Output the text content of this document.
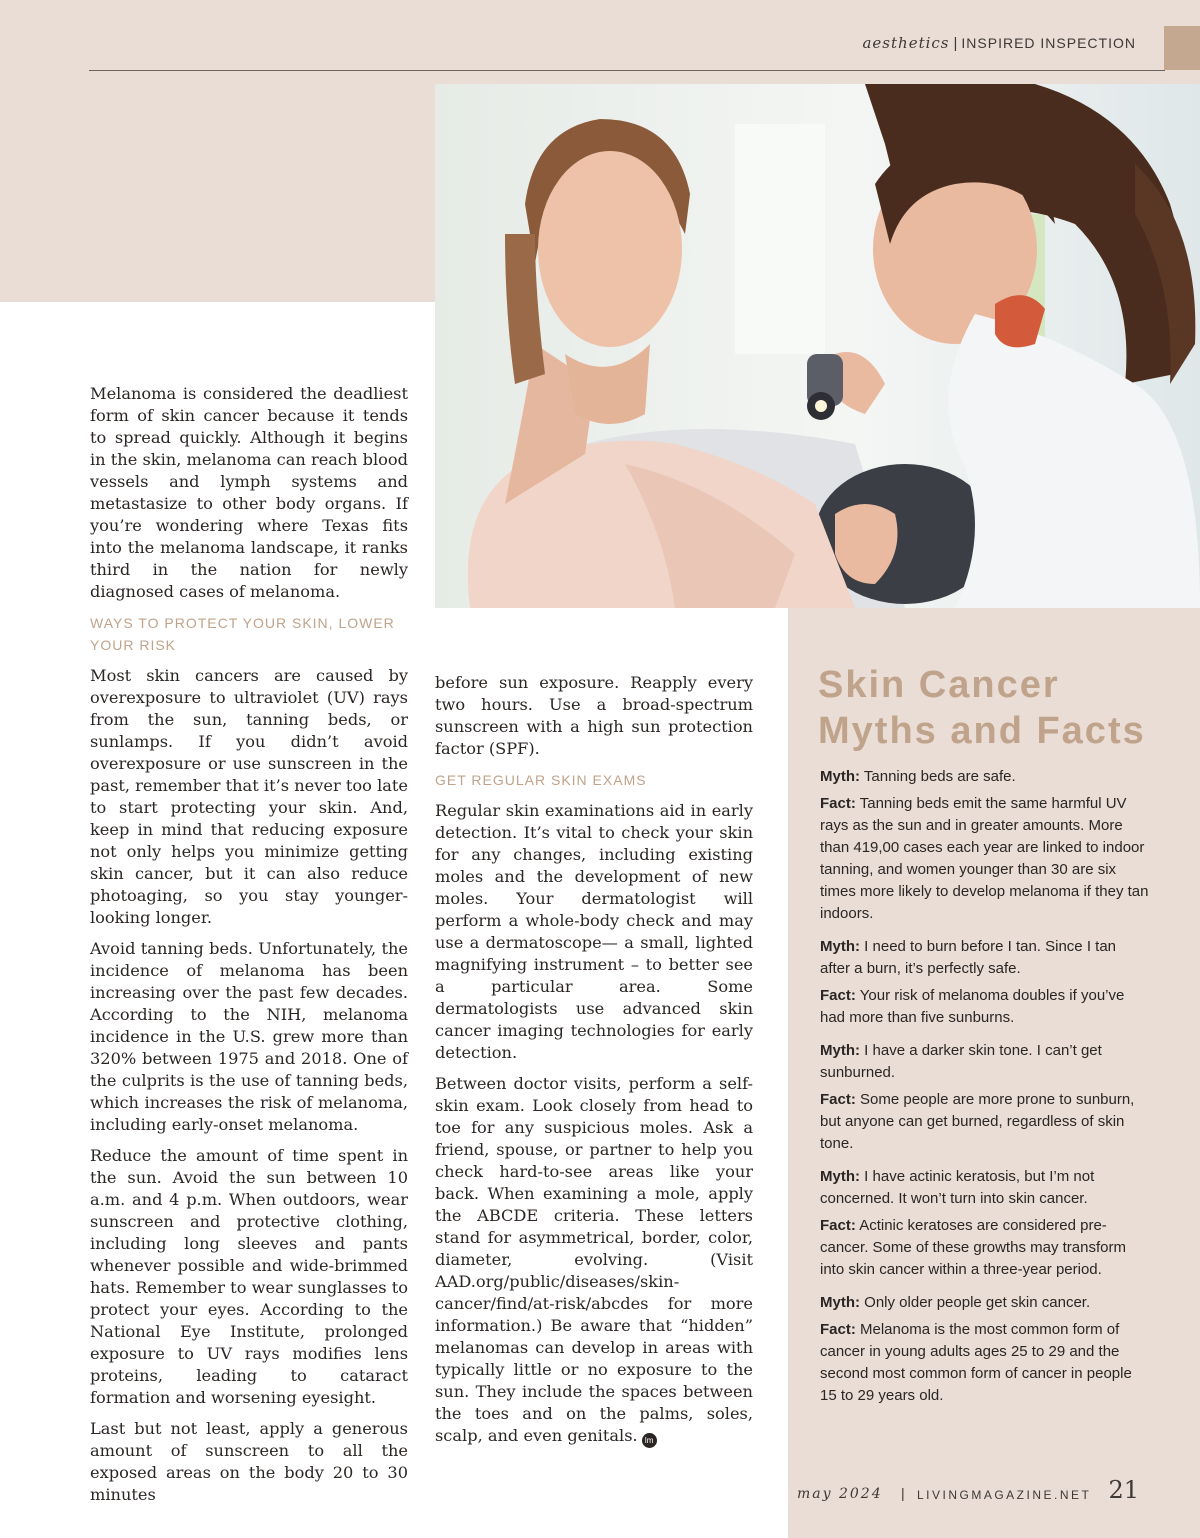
aesthetics | INSPIRED INSPECTION

Melanoma is considered the deadliest form of skin cancer because it tends to spread quickly. Although it begins in the skin, melanoma can reach blood vessels and lymph systems and metastasize to other body organs. If you’re wondering where Texas fits into the melanoma landscape, it ranks third in the nation for newly diagnosed cases of melanoma.

WAYS TO PROTECT YOUR SKIN, LOWER YOUR RISK

Most skin cancers are caused by overexposure to ultraviolet (UV) rays from the sun, tanning beds, or sunlamps. If you didn’t avoid overexposure or use sunscreen in the past, remember that it’s never too late to start protecting your skin. And, keep in mind that reducing exposure not only helps you minimize getting skin cancer, but it can also reduce photoaging, so you stay younger-looking longer.

Avoid tanning beds. Unfortunately, the incidence of melanoma has been increasing over the past few decades. According to the NIH, melanoma incidence in the U.S. grew more than 320% between 1975 and 2018. One of the culprits is the use of tanning beds, which increases the risk of melanoma, including early-onset melanoma.

Reduce the amount of time spent in the sun. Avoid the sun between 10 a.m. and 4 p.m. When outdoors, wear sunscreen and protective clothing, including long sleeves and pants whenever possible and wide-brimmed hats. Remember to wear sunglasses to protect your eyes. According to the National Eye Institute, prolonged exposure to UV rays modifies lens proteins, leading to cataract formation and worsening eyesight.

Last but not least, apply a generous amount of sunscreen to all the exposed areas on the body 20 to 30 minutes

before sun exposure. Reapply every two hours. Use a broad-spectrum sunscreen with a high sun protection factor (SPF).

GET REGULAR SKIN EXAMS

Regular skin examinations aid in early detection. It’s vital to check your skin for any changes, including existing moles and the development of new moles. Your dermatologist will perform a whole-body check and may use a dermatoscope— a small, lighted magnifying instrument – to better see a particular area. Some dermatologists use advanced skin cancer imaging technologies for early detection.

Between doctor visits, perform a self-skin exam. Look closely from head to toe for any suspicious moles. Ask a friend, spouse, or partner to help you check hard-to-see areas like your back. When examining a mole, apply the ABCDE criteria. These letters stand for asymmetrical, border, color, diameter, evolving. (Visit AAD.org/public/diseases/skin-cancer/find/at-risk/abcdes for more information.) Be aware that “hidden” melanomas can develop in areas with typically little or no exposure to the sun. They include the spaces between the toes and on the palms, soles, scalp, and even genitals. lm

Skin Cancer Myths and Facts
Myth: Tanning beds are safe.
Fact: Tanning beds emit the same harmful UV rays as the sun and in greater amounts. More than 419,00 cases each year are linked to indoor tanning, and women younger than 30 are six times more likely to develop melanoma if they tan indoors.
Myth: I need to burn before I tan. Since I tan after a burn, it’s perfectly safe.
Fact: Your risk of melanoma doubles if you’ve had more than five sunburns.
Myth: I have a darker skin tone. I can’t get sunburned.
Fact: Some people are more prone to sunburn, but anyone can get burned, regardless of skin tone.
Myth: I have actinic keratosis, but I’m not concerned. It won’t turn into skin cancer.
Fact: Actinic keratoses are considered pre-cancer. Some of these growths may transform into skin cancer within a three-year period.
Myth: Only older people get skin cancer.
Fact: Melanoma is the most common form of cancer in young adults ages 25 to 29 and the second most common form of cancer in people 15 to 29 years old.
may 2024 | LIVINGMAGAZINE.NET 21
